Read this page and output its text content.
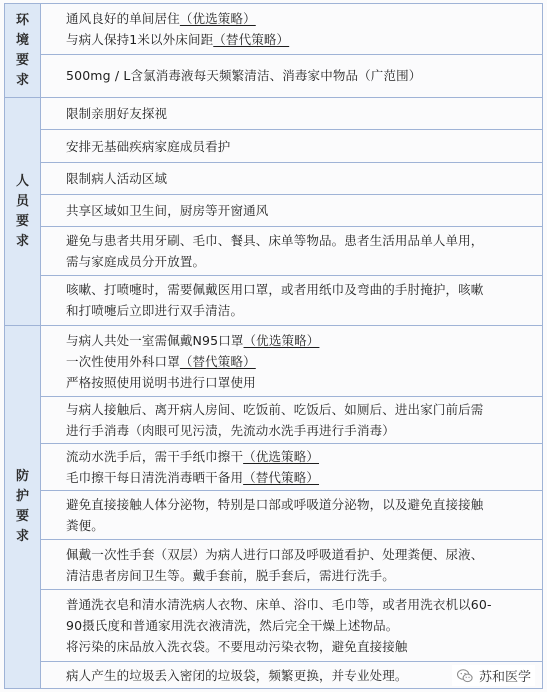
环境要求
通风良好的单间居住（优选策略）
与病人保持1米以外床间距（替代策略）
500mg / L含氯消毒液每天频繁清洁、消毒家中物品（广范围）
人员要求
限制亲朋好友探视
安排无基础疾病家庭成员看护
限制病人活动区域
共享区域如卫生间，厨房等开窗通风
避免与患者共用牙刷、毛巾、餐具、床单等物品。患者生活用品单人单用，
需与家庭成员分开放置。
咳嗽、打喷嚏时，需要佩戴医用口罩，或者用纸巾及弯曲的手肘掩护，咳嗽
和打喷嚏后立即进行双手清洁。
防护要求
与病人共处一室需佩戴N95口罩（优选策略）
一次性使用外科口罩（替代策略）
严格按照使用说明书进行口罩使用
与病人接触后、离开病人房间、吃饭前、吃饭后、如厕后、进出家门前后需
进行手消毒（肉眼可见污渍，先流动水洗手再进行手消毒）
流动水洗手后，需干手纸巾擦干（优选策略）
毛巾擦干每日清洗消毒晒干备用（替代策略）
避免直接接触人体分泌物，特别是口部或呼吸道分泌物，以及避免直接接触
粪便。
佩戴一次性手套（双层）为病人进行口部及呼吸道看护、处理粪便、尿液、
清洁患者房间卫生等。戴手套前，脱手套后，需进行洗手。
普通洗衣皂和清水清洗病人衣物、床单、浴巾、毛巾等，或者用洗衣机以60-
90摄氏度和普通家用洗衣液清洗，然后完全干燥上述物品。
将污染的床品放入洗衣袋。不要甩动污染衣物，避免直接接触
病人产生的垃圾丢入密闭的垃圾袋，频繁更换，并专业处理。	苏和医学
